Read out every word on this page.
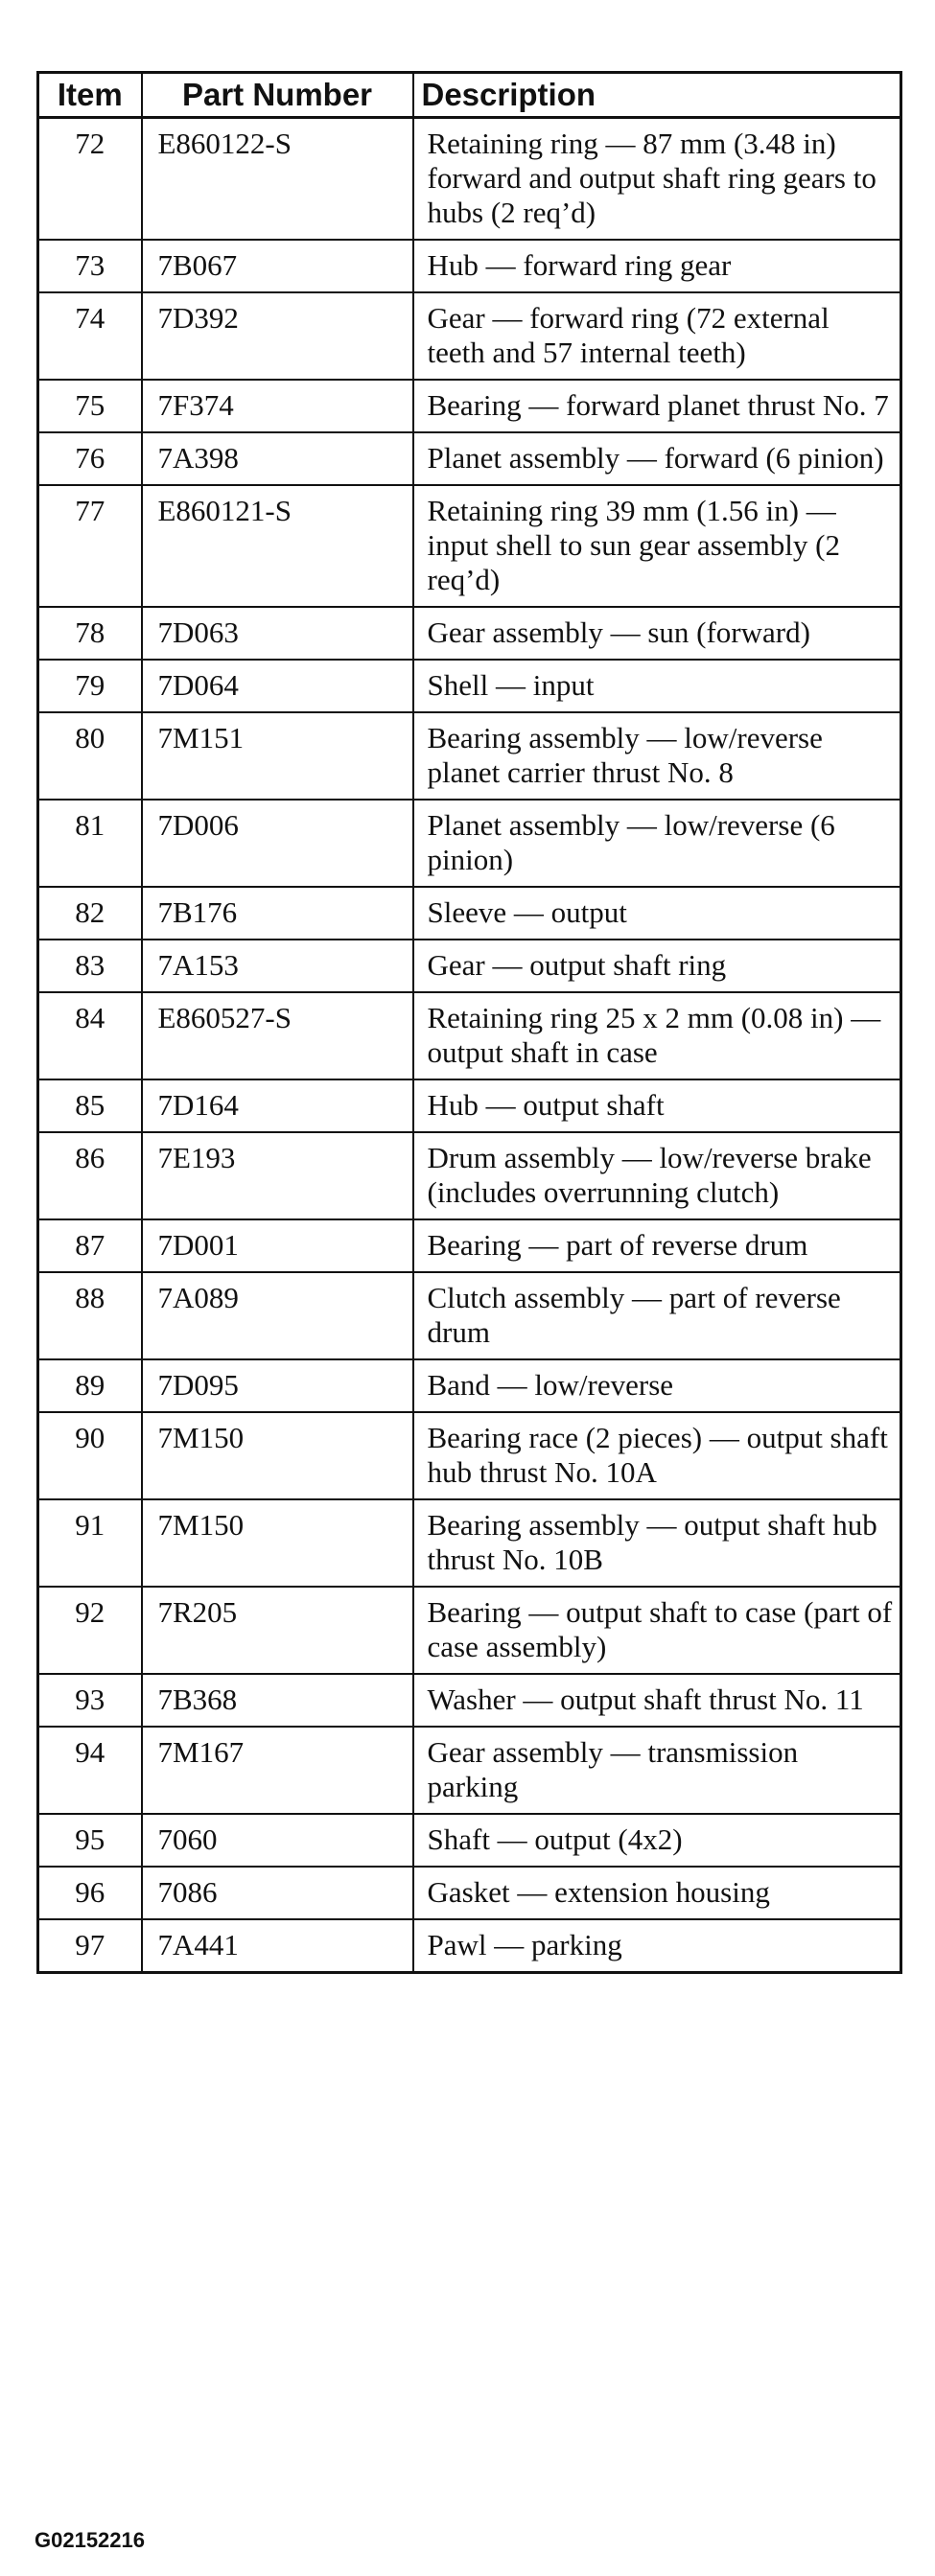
Item	Part Number	Description
72	E860122-S	Retaining ring — 87 mm (3.48 in) forward and output shaft ring gears to hubs (2 req’d)
73	7B067	Hub — forward ring gear
74	7D392	Gear — forward ring (72 external teeth and 57 internal teeth)
75	7F374	Bearing — forward planet thrust No. 7
76	7A398	Planet assembly — forward (6 pinion)
77	E860121-S	Retaining ring 39 mm (1.56 in) — input shell to sun gear assembly (2 req’d)
78	7D063	Gear assembly — sun (forward)
79	7D064	Shell — input
80	7M151	Bearing assembly — low/reverse planet carrier thrust No. 8
81	7D006	Planet assembly — low/reverse (6 pinion)
82	7B176	Sleeve — output
83	7A153	Gear — output shaft ring
84	E860527-S	Retaining ring 25 x 2 mm (0.08 in) — output shaft in case
85	7D164	Hub — output shaft
86	7E193	Drum assembly — low/reverse brake (includes overrunning clutch)
87	7D001	Bearing — part of reverse drum
88	7A089	Clutch assembly — part of reverse drum
89	7D095	Band — low/reverse
90	7M150	Bearing race (2 pieces) — output shaft hub thrust No. 10A
91	7M150	Bearing assembly — output shaft hub thrust No. 10B
92	7R205	Bearing — output shaft to case (part of case assembly)
93	7B368	Washer — output shaft thrust No. 11
94	7M167	Gear assembly — transmission parking
95	7060	Shaft — output (4x2)
96	7086	Gasket — extension housing
97	7A441	Pawl — parking
G02152216
